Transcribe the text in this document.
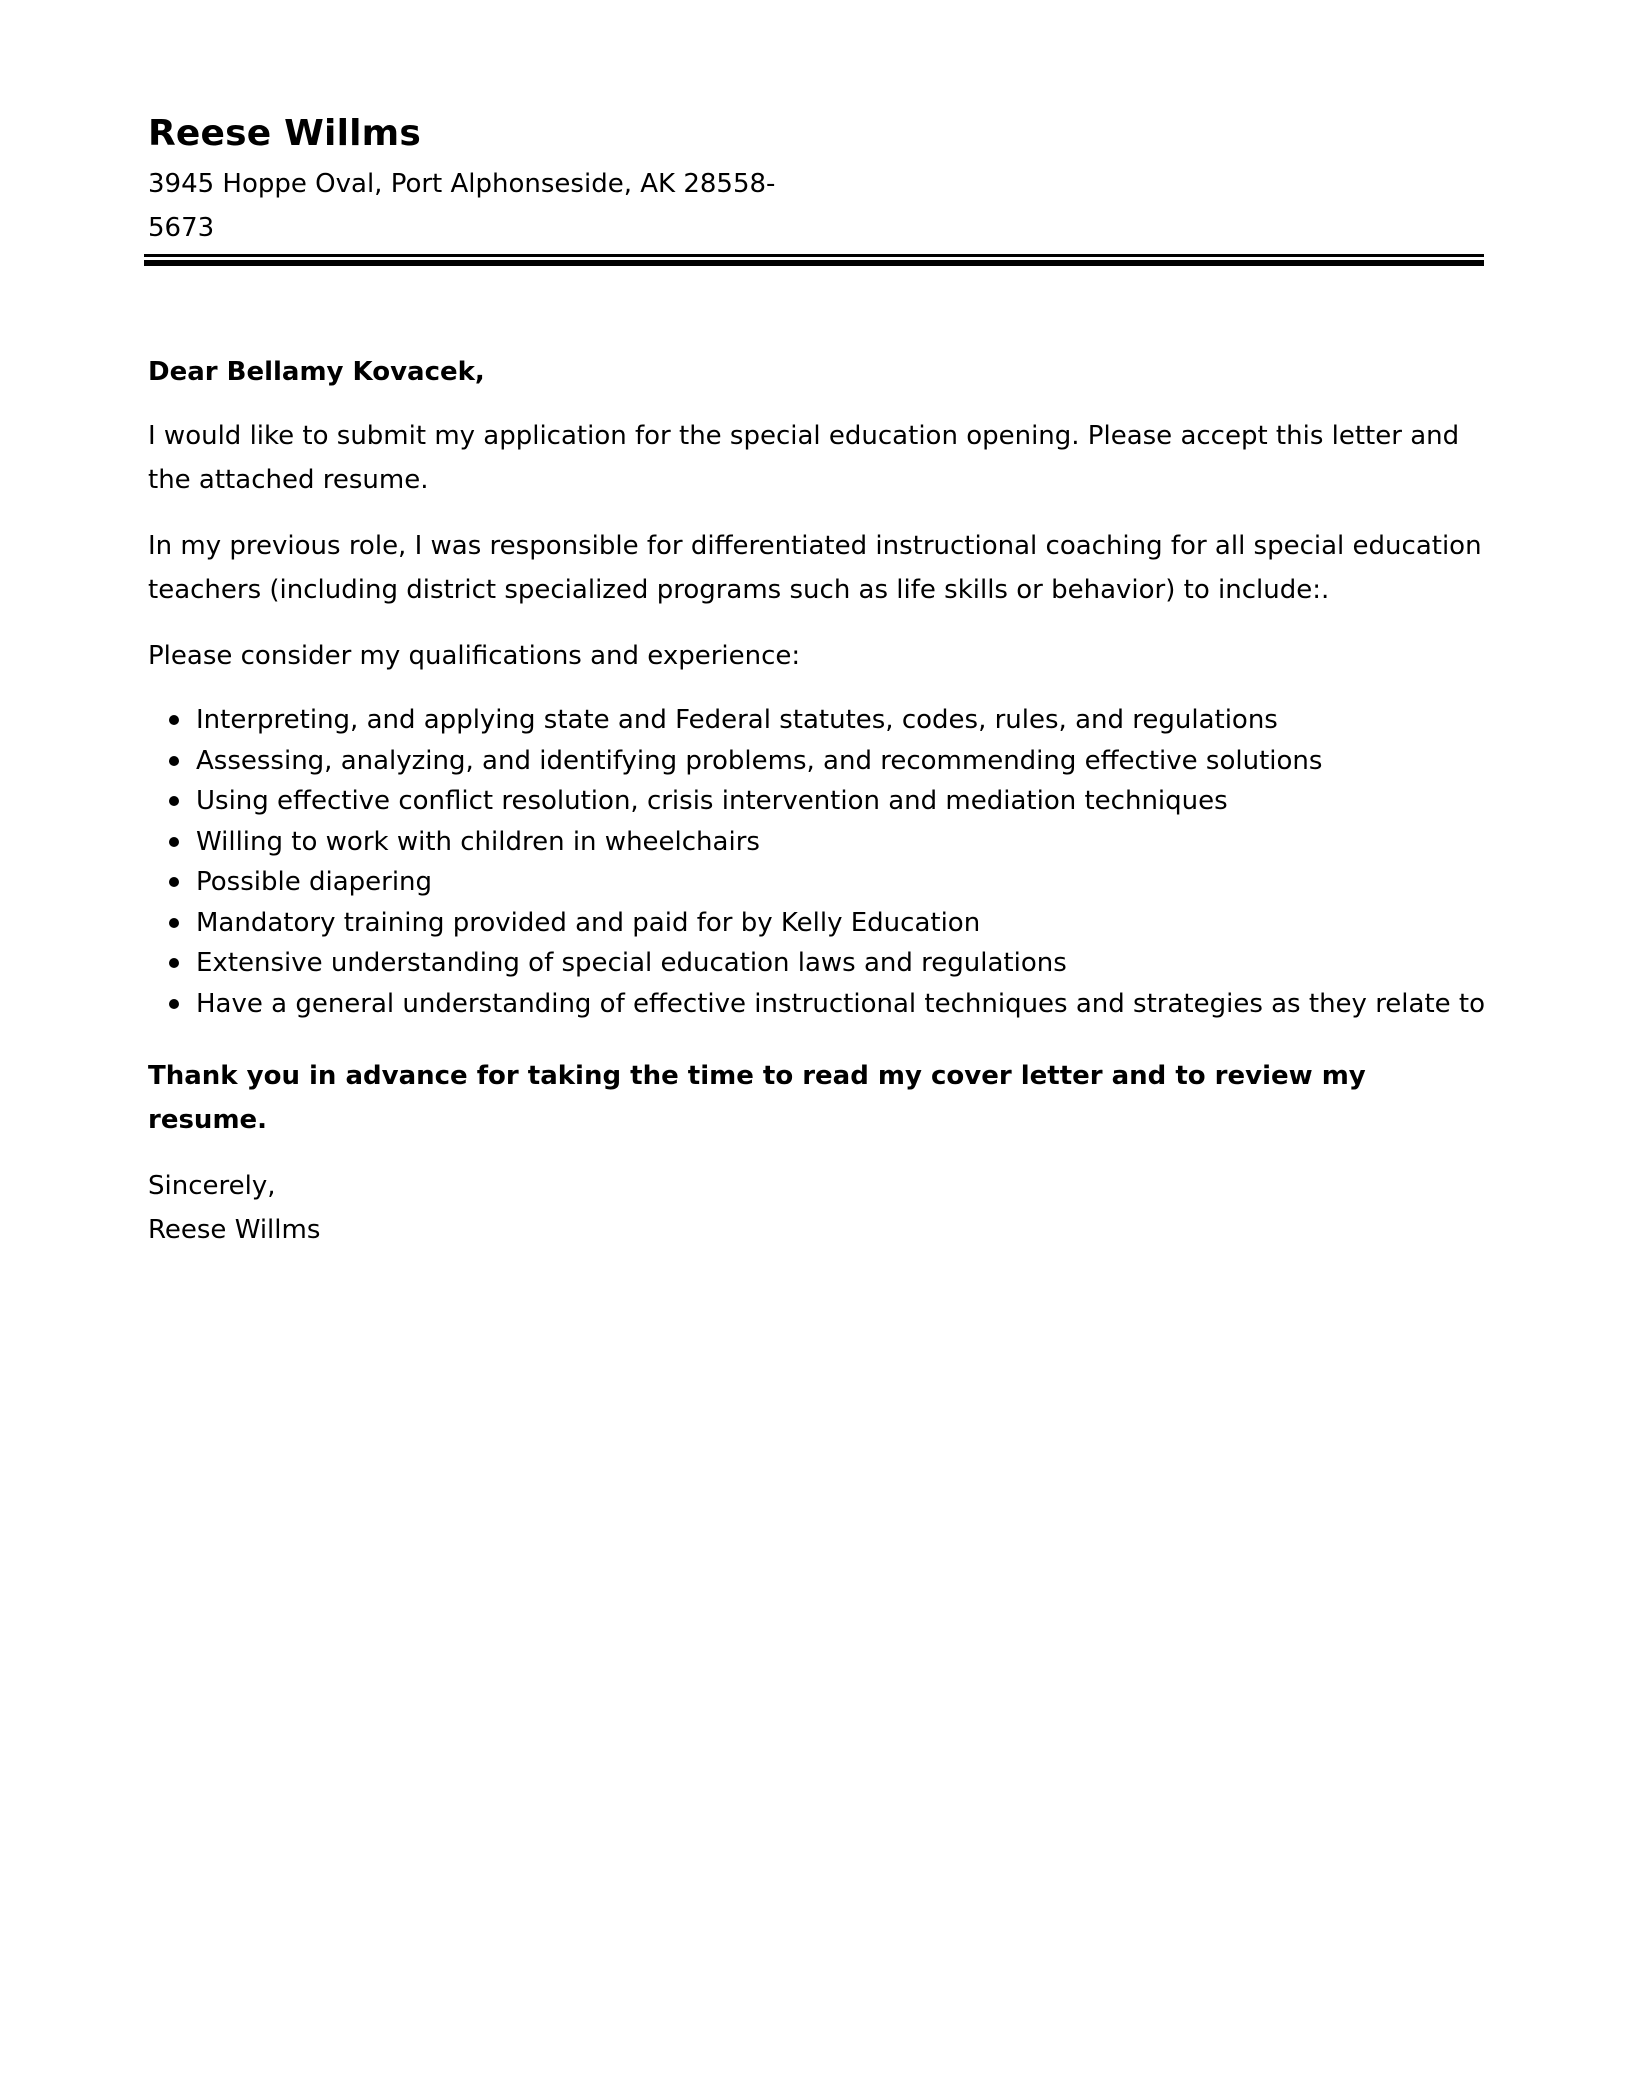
Reese Willms
3945 Hoppe Oval, Port Alphonseside, AK 28558-5673

Dear Bellamy Kovacek,

I would like to submit my application for the special education opening. Please accept this letter and the attached resume.

In my previous role, I was responsible for differentiated instructional coaching for all special education teachers (including district specialized programs such as life skills or behavior) to include:.

Please consider my qualifications and experience:

Interpreting, and applying state and Federal statutes, codes, rules, and regulations
Assessing, analyzing, and identifying problems, and recommending effective solutions
Using effective conflict resolution, crisis intervention and mediation techniques
Willing to work with children in wheelchairs
Possible diapering
Mandatory training provided and paid for by Kelly Education
Extensive understanding of special education laws and regulations
Have a general understanding of effective instructional techniques and strategies as they relate to

Thank you in advance for taking the time to read my cover letter and to review my resume.

Sincerely,

Reese Willms
